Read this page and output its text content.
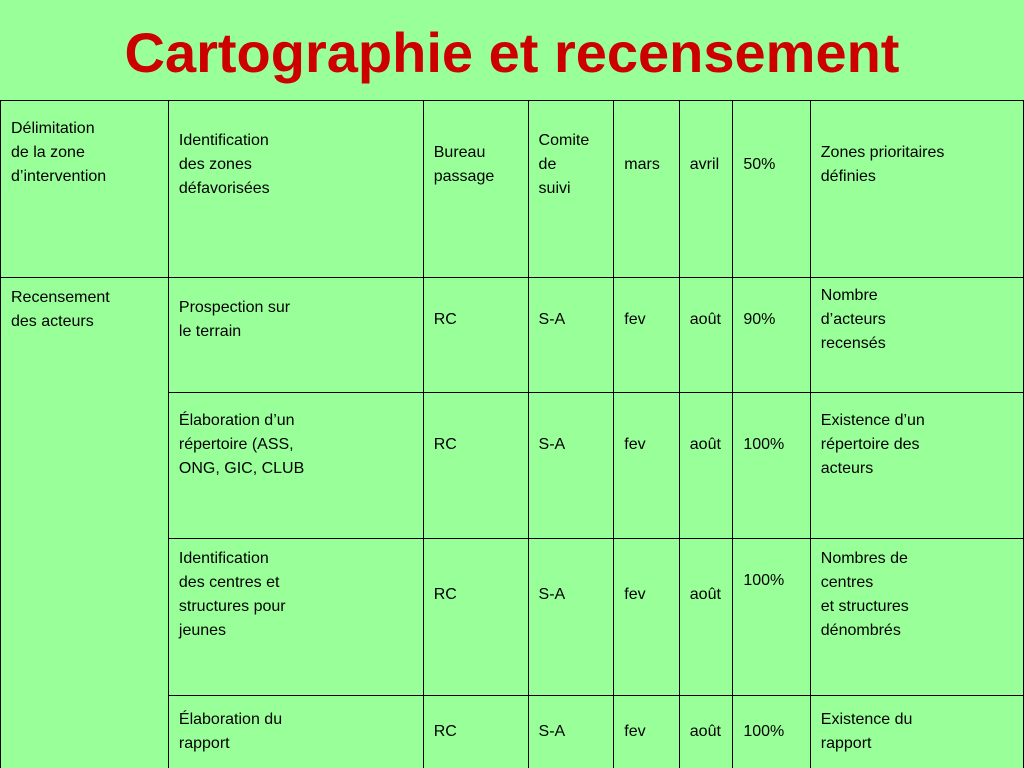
Cartographie et recensement
Délimitation
de la zone
d’intervention	Identification
des zones
défavorisées	Bureau
passage	Comite
de
suivi	mars	avril	50%	Zones prioritaires
définies
Recensement
des acteurs	Prospection sur
le terrain	RC	S-A	fev	août	90%	Nombre
d’acteurs
recensés
	Élaboration d’un
répertoire (ASS,
ONG, GIC, CLUB	RC	S-A	fev	août	100%	Existence d’un
répertoire des
acteurs
	Identification
des centres et
structures pour
jeunes	RC	S-A	fev	août	100%	Nombres de
centres
et structures
dénombrés
	Élaboration du
rapport	RC	S-A	fev	août	100%	Existence du
rapport
